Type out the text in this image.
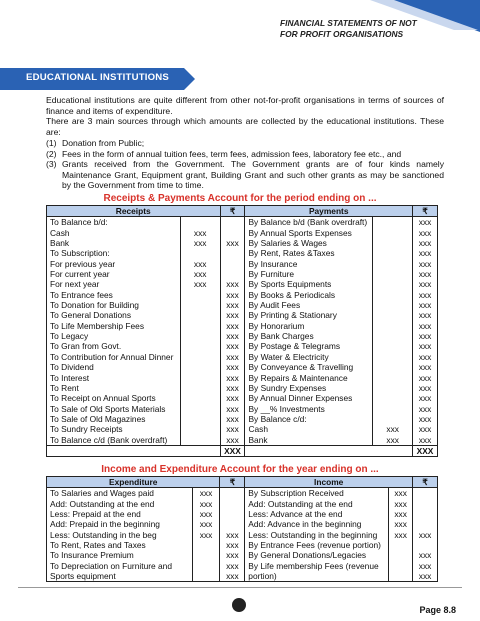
FINANCIAL STATEMENTS OF NOT
FOR PROFIT ORGANISATIONS
EDUCATIONAL INSTITUTIONS

Educational institutions are quite different from other not-for-profit organisations in terms of sources of finance and items of expenditure.

There are 3 main sources through which amounts are collected by the educational institutions. These are:

(1) Donation from Public;
(2) Fees in the form of annual tuition fees, term fees, admission fees, laboratory fee etc., and
(3) Grants received from the Government. The Government grants are of four kinds namely Maintenance Grant, Equipment grant, Building Grant and such other grants as may be sanctioned by the Government from time to time.
Receipts & Payments Account for the period ending on ...
Receipts		₹	Payments		₹
To Balance b/d:			By Balance b/d (Bank overdraft)		xxx
Cash	xxx		By Annual Sports Expenses		xxx
Bank	xxx	xxx	By Salaries & Wages		xxx
To Subscription:			By Rent, Rates &Taxes		xxx
For previous year	xxx		By Insurance		xxx
For current year	xxx		By Furniture		xxx
For next year	xxx	xxx	By Sports Equipments		xxx
To Entrance fees		xxx	By Books & Periodicals		xxx
To Donation for Building		xxx	By Audit Fees		xxx
To General Donations		xxx	By Printing & Stationary		xxx
To Life Membership Fees		xxx	By Honorarium		xxx
To Legacy		xxx	By Bank Charges		xxx
To Gran from Govt.		xxx	By Postage & Telegrams		xxx
To Contribution for Annual Dinner		xxx	By Water & Electricity		xxx
To Dividend		xxx	By Conveyance & Travelling		xxx
To Interest		xxx	By Repairs & Maintenance		xxx
To Rent		xxx	By Sundry Expenses		xxx
To Receipt on Annual Sports		xxx	By Annual Dinner Expenses		xxx
To Sale of Old Sports Materials		xxx	By __% Investments		xxx
To Sale of Old Magazines		xxx	By Balance c/d:		xxx
To Sundry Receipts		xxx	Cash	xxx	xxx
To Balance c/d (Bank overdraft)		xxx	Bank	xxx	xxx
		XXX			XXX
Income and Expenditure Account for the year ending on ...
Expenditure		₹	Income		₹
To Salaries and Wages paid	xxx		By Subscription Received	xxx	
Add: Outstanding at the end	xxx		Add: Outstanding at the end	xxx	
Less: Prepaid at the end	xxx		Less: Advance at the end	xxx	
Add: Prepaid in the beginning	xxx		Add: Advance in the beginning	xxx	
Less: Outstanding in the beg	xxx	xxx	Less: Outstanding in the beginning	xxx	xxx
To Rent, Rates and Taxes		xxx	By Entrance Fees (revenue portion)		
To Insurance Premium		xxx	By General Donations/Legacies		xxx
To Depreciation on Furniture and		xxx	By Life membership Fees (revenue		xxx
Sports equipment		xxx	portion)		xxx
Page 8.8
